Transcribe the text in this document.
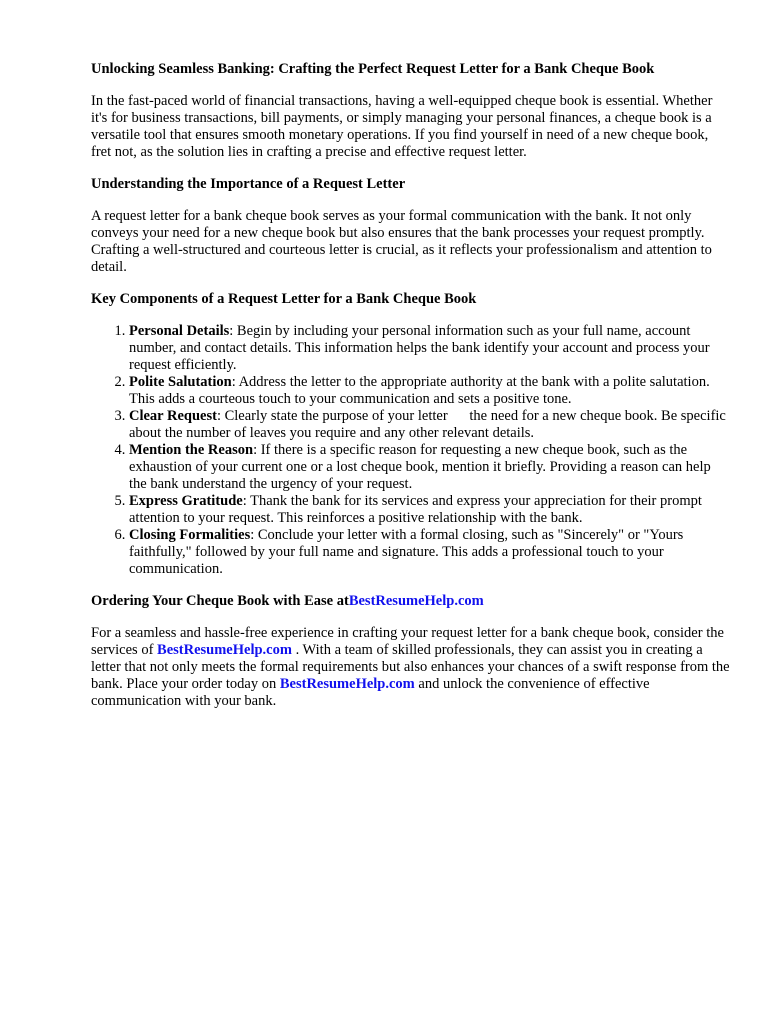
Unlocking Seamless Banking: Crafting the Perfect Request Letter for a Bank Cheque Book

In the fast-paced world of financial transactions, having a well-equipped cheque book is essential. Whether it's for business transactions, bill payments, or simply managing your personal finances, a cheque book is a versatile tool that ensures smooth monetary operations. If you find yourself in need of a new cheque book, fret not, as the solution lies in crafting a precise and effective request letter.

Understanding the Importance of a Request Letter

A request letter for a bank cheque book serves as your formal communication with the bank. It not only conveys your need for a new cheque book but also ensures that the bank processes your request promptly. Crafting a well-structured and courteous letter is crucial, as it reflects your professionalism and attention to detail.

Key Components of a Request Letter for a Bank Cheque Book

1. Personal Details: Begin by including your personal information such as your full name, account number, and contact details. This information helps the bank identify your account and process your request efficiently.
2. Polite Salutation: Address the letter to the appropriate authority at the bank with a polite salutation. This adds a courteous touch to your communication and sets a positive tone.
3. Clear Request: Clearly state the purpose of your letter   the need for a new cheque book. Be specific about the number of leaves you require and any other relevant details.
4. Mention the Reason: If there is a specific reason for requesting a new cheque book, such as the exhaustion of your current one or a lost cheque book, mention it briefly. Providing a reason can help the bank understand the urgency of your request.
5. Express Gratitude: Thank the bank for its services and express your appreciation for their prompt attention to your request. This reinforces a positive relationship with the bank.
6. Closing Formalities: Conclude your letter with a formal closing, such as "Sincerely" or "Yours faithfully," followed by your full name and signature. This adds a professional touch to your communication.

Ordering Your Cheque Book with Ease atBestResumeHelp.com

For a seamless and hassle-free experience in crafting your request letter for a bank cheque book, consider the services of BestResumeHelp.com . With a team of skilled professionals, they can assist you in creating a letter that not only meets the formal requirements but also enhances your chances of a swift response from the bank. Place your order today on BestResumeHelp.com and unlock the convenience of effective communication with your bank.
